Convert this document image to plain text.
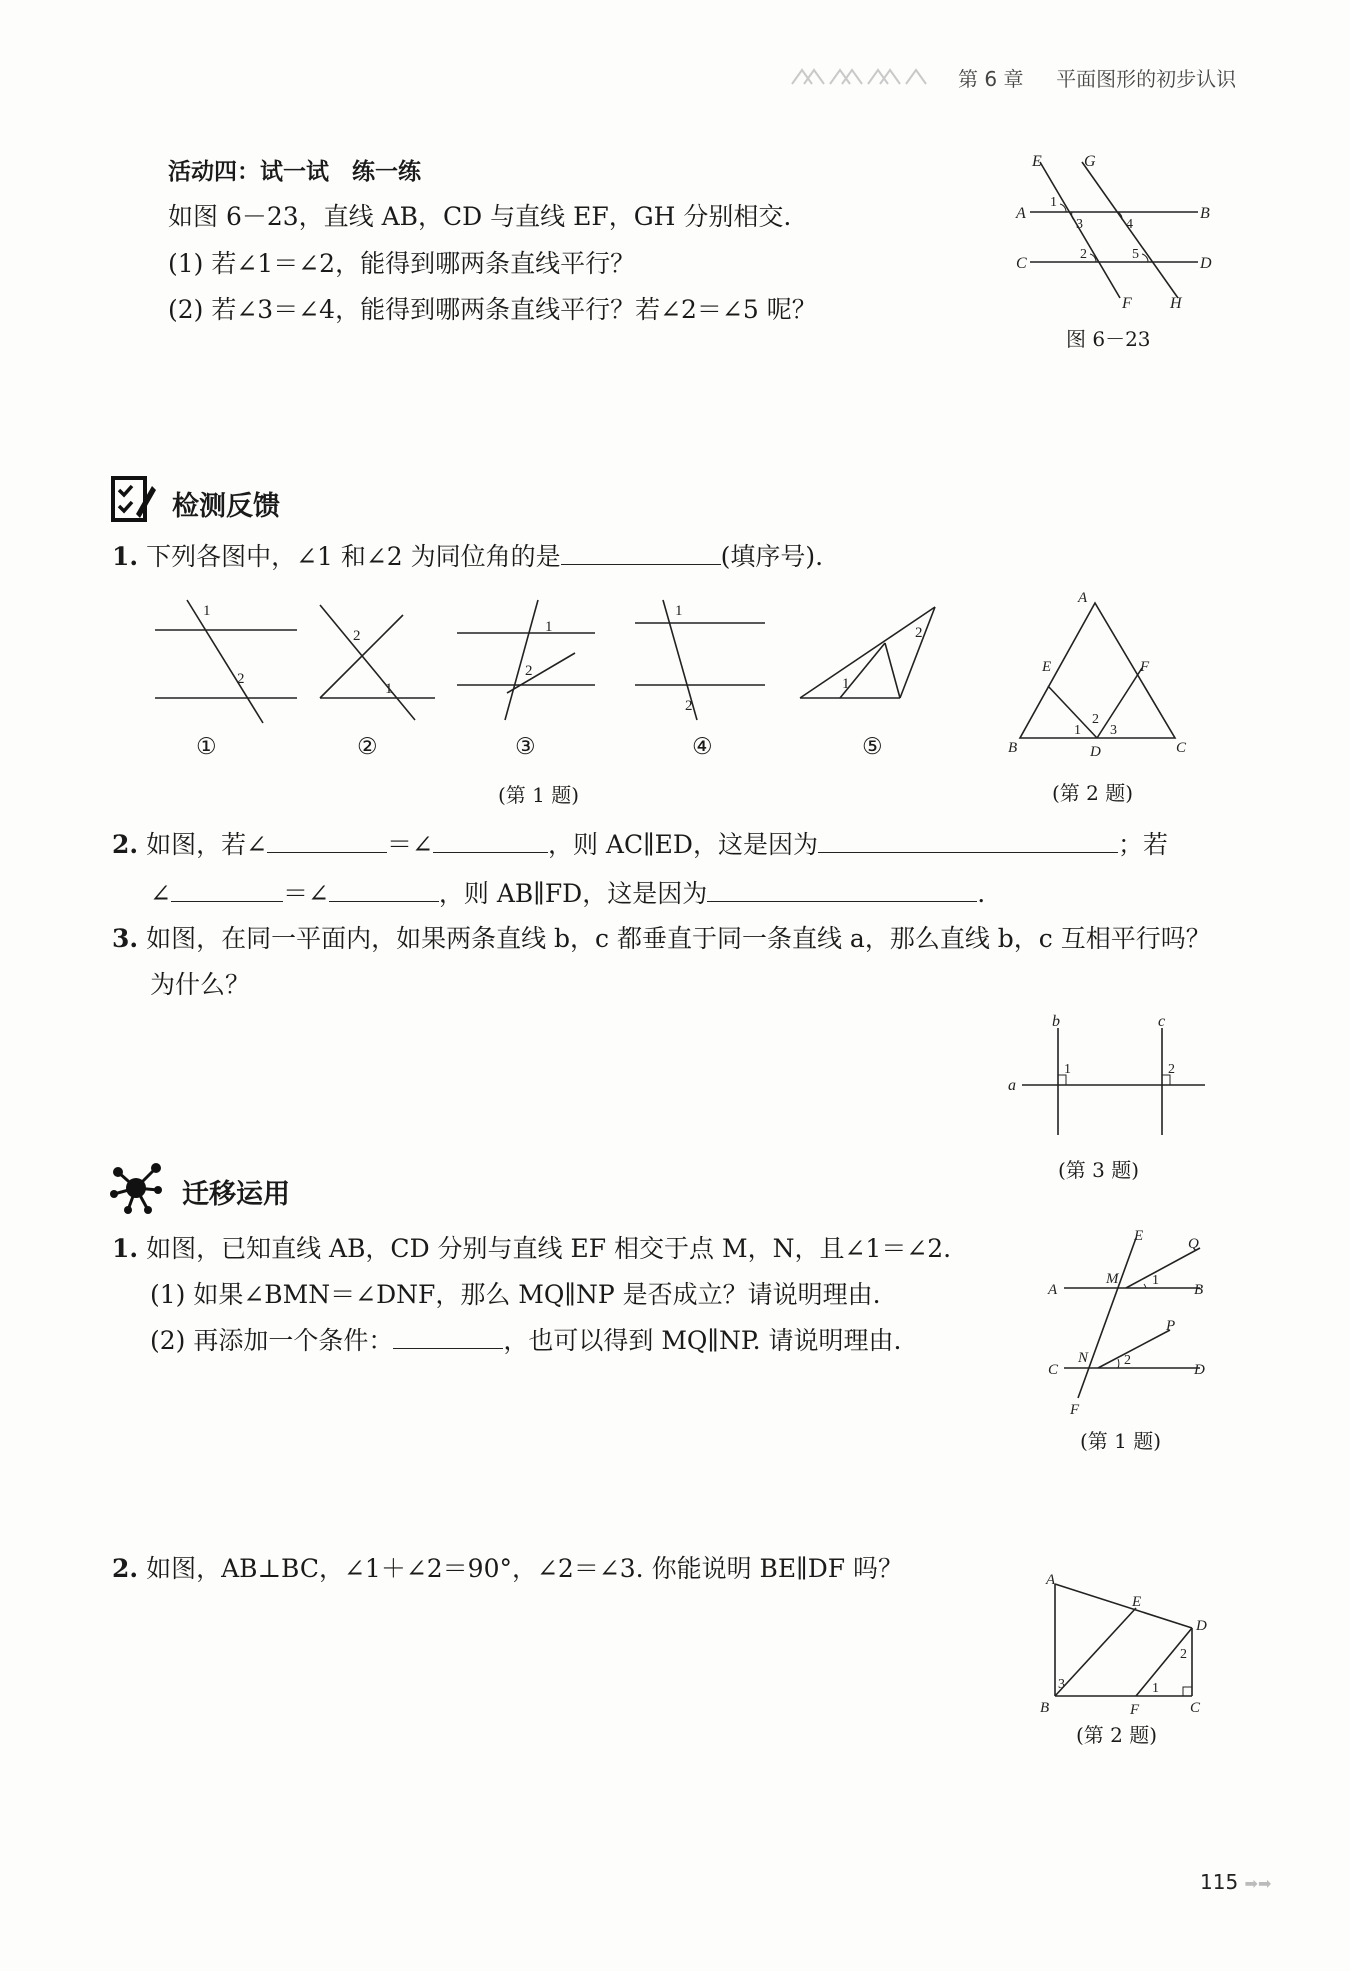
第 6 章 平面图形的初步认识
活动四：试一试　练一练
如图 6－23，直线 AB，CD 与直线 EF，GH 分别相交.
(1) 若∠1＝∠2，能得到哪两条直线平行？
(2) 若∠3＝∠4，能得到哪两条直线平行？若∠2＝∠5 呢？
E	G
A	B
C	D
F H
1
3	4
2	5
图 6－23
检测反馈
1. 下列各图中，∠1 和∠2 为同位角的是	(填序号).
1
2
2
1
1
2
1
2
1
2
①	②	③	④	⑤
(第 1 题)
A
E	F
B	D	C
1
2
3
(第 2 题)
2. 如图，若∠	＝∠	，则 AC∥ED，这是因为	；若
∠	＝∠	，则 AB∥FD，这是因为	.
3. 如图，在同一平面内，如果两条直线 b，c 都垂直于同一条直线 a，那么直线 b，c 互相平行吗？
为什么？
b	c
a
1	2
(第 3 题)
迁移运用
1. 如图，已知直线 AB，CD 分别与直线 EF 相交于点 M，N，且∠1＝∠2.
(1) 如果∠BMN＝∠DNF，那么 MQ∥NP 是否成立？请说明理由.
(2) 再添加一个条件：	，也可以得到 MQ∥NP. 请说明理由.
E	Q
A
M
B
P
C
N
D
F
1
2
(第 1 题)
2. 如图，AB⊥BC，∠1＋∠2＝90°，∠2＝∠3. 你能说明 BE∥DF 吗？	A
E
D
B	F	C
3
2
1
(第 2 题)
115 ➡➡
